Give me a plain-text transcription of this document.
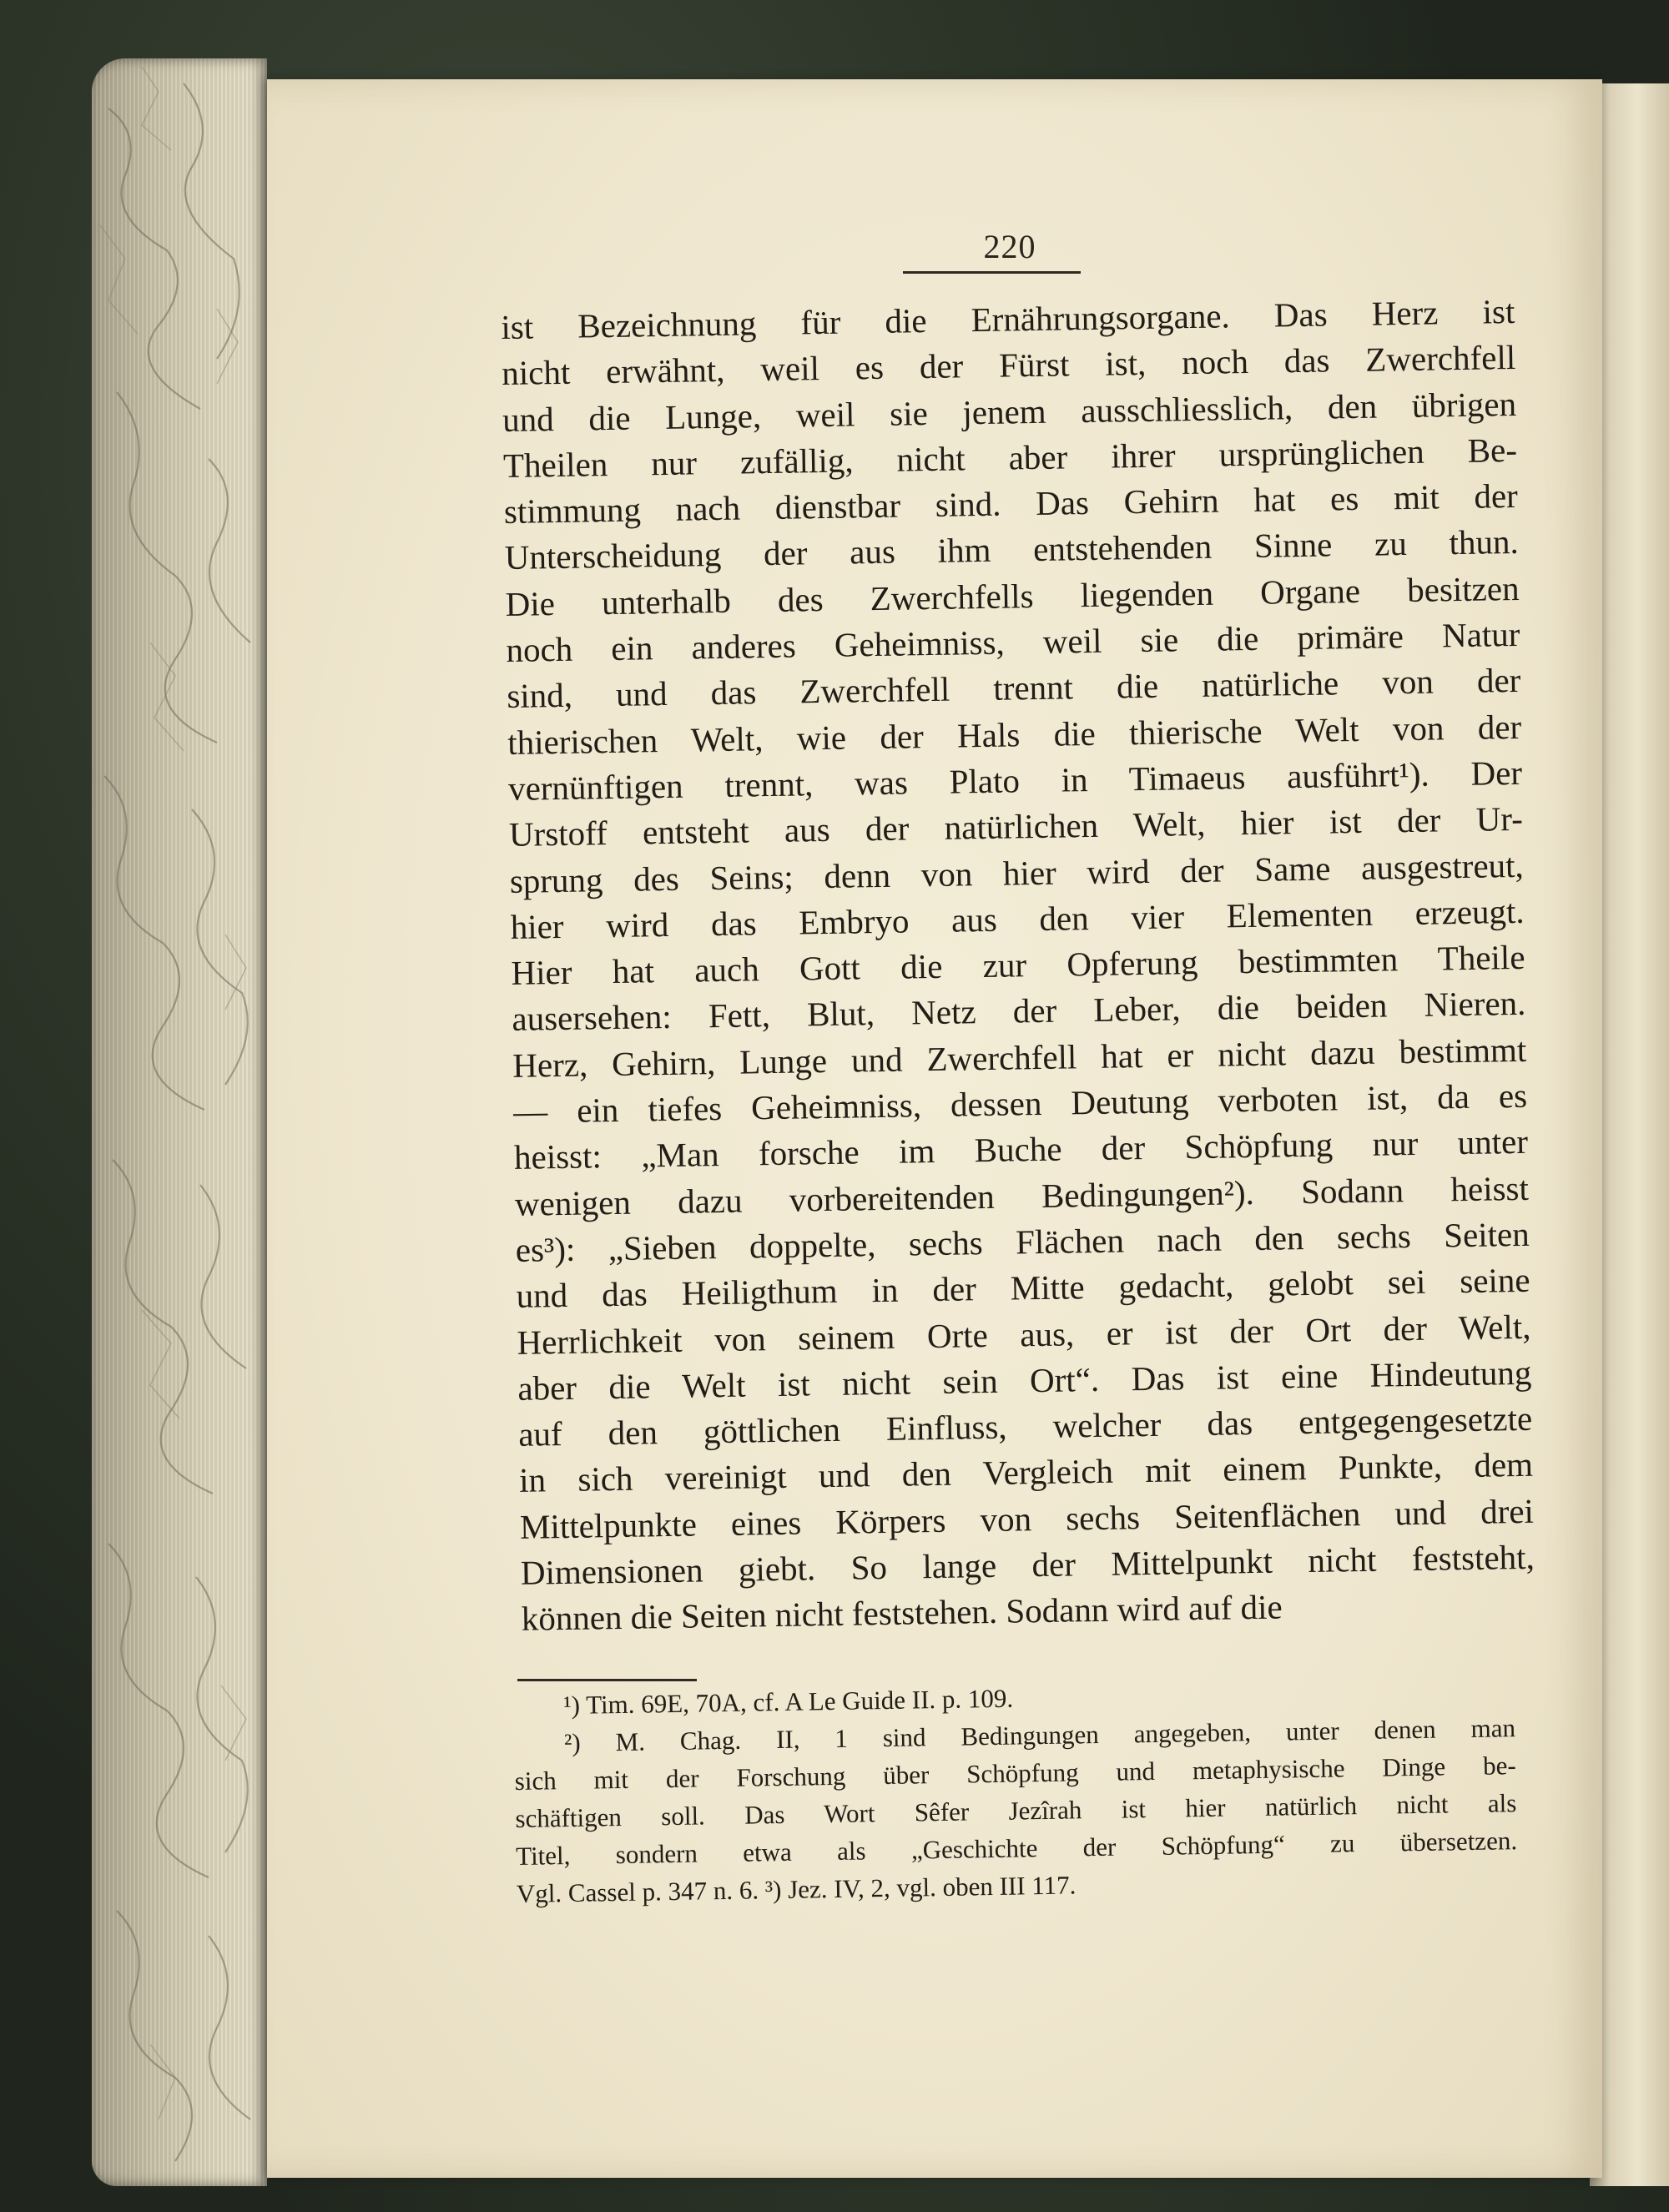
220
ist Bezeichnung für die Ernährungsorgane. Das Herz ist
nicht erwähnt, weil es der Fürst ist, noch das Zwerchfell
und die Lunge, weil sie jenem ausschliesslich, den übrigen
Theilen nur zufällig, nicht aber ihrer ursprünglichen Be-
stimmung nach dienstbar sind. Das Gehirn hat es mit der
Unterscheidung der aus ihm entstehenden Sinne zu thun.
Die unterhalb des Zwerchfells liegenden Organe besitzen
noch ein anderes Geheimniss, weil sie die primäre Natur
sind, und das Zwerchfell trennt die natürliche von der
thierischen Welt, wie der Hals die thierische Welt von der
vernünftigen trennt, was Plato in Timaeus ausführt¹). Der
Urstoff entsteht aus der natürlichen Welt, hier ist der Ur-
sprung des Seins; denn von hier wird der Same ausgestreut,
hier wird das Embryo aus den vier Elementen erzeugt.
Hier hat auch Gott die zur Opferung bestimmten Theile
ausersehen: Fett, Blut, Netz der Leber, die beiden Nieren.
Herz, Gehirn, Lunge und Zwerchfell hat er nicht dazu bestimmt
— ein tiefes Geheimniss, dessen Deutung verboten ist, da es
heisst: „Man forsche im Buche der Schöpfung nur unter
wenigen dazu vorbereitenden Bedingungen²). Sodann heisst
es³): „Sieben doppelte, sechs Flächen nach den sechs Seiten
und das Heiligthum in der Mitte gedacht, gelobt sei seine
Herrlichkeit von seinem Orte aus, er ist der Ort der Welt,
aber die Welt ist nicht sein Ort“. Das ist eine Hindeutung
auf den göttlichen Einfluss, welcher das entgegengesetzte
in sich vereinigt und den Vergleich mit einem Punkte, dem
Mittelpunkte eines Körpers von sechs Seitenflächen und drei
Dimensionen giebt. So lange der Mittelpunkt nicht feststeht,
können die Seiten nicht feststehen. Sodann wird auf die
¹) Tim. 69E, 70A, cf. A Le Guide II. p. 109.
²) M. Chag. II, 1 sind Bedingungen angegeben, unter denen man
sich mit der Forschung über Schöpfung und metaphysische Dinge be-
schäftigen soll. Das Wort Sêfer Jezîrah ist hier natürlich nicht als
Titel, sondern etwa als „Geschichte der Schöpfung“ zu übersetzen.
Vgl. Cassel p. 347 n. 6. ³) Jez. IV, 2, vgl. oben III 117.
